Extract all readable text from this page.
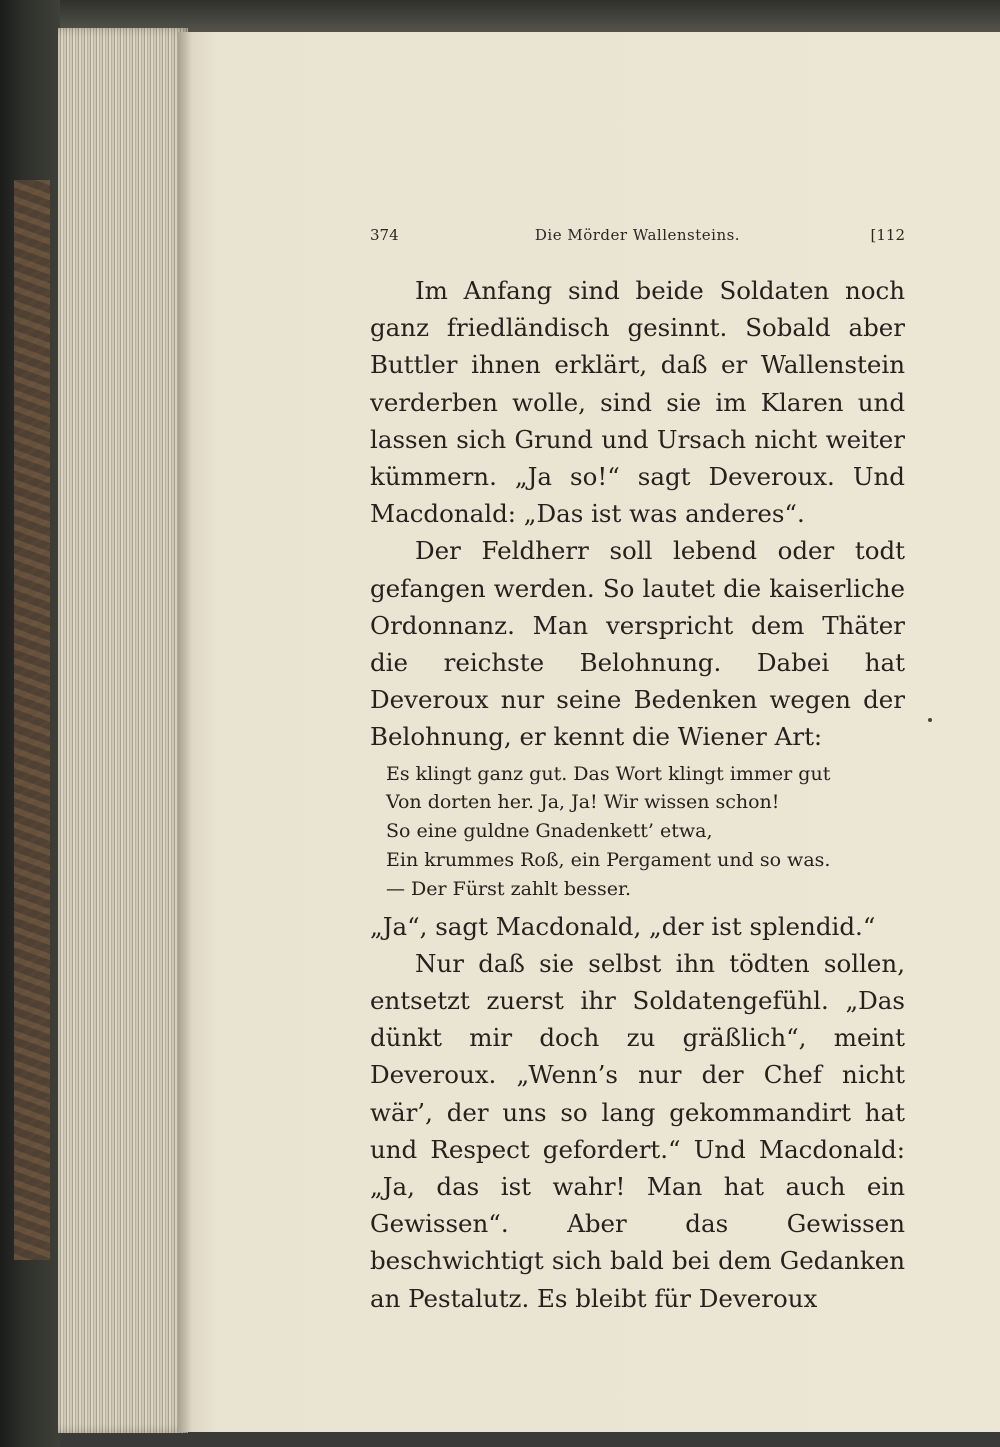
374	Die Mörder Wallensteins.	[112

Im Anfang sind beide Soldaten noch ganz friedländisch gesinnt. Sobald aber Buttler ihnen erklärt, daß er Wallenstein verderben wolle, sind sie im Klaren und lassen sich Grund und Ursach nicht weiter kümmern. „Ja so!“ sagt Deveroux. Und Macdonald: „Das ist was anderes“.

Der Feldherr soll lebend oder todt gefangen werden. So lautet die kaiserliche Ordonnanz. Man verspricht dem Thäter die reichste Belohnung. Dabei hat Deveroux nur seine Bedenken wegen der Belohnung, er kennt die Wiener Art:

Es klingt ganz gut. Das Wort klingt immer gut
Von dorten her. Ja, Ja! Wir wissen schon!
So eine guldne Gnadenkett’ etwa,
Ein krummes Roß, ein Pergament und so was.
— Der Fürst zahlt besser.

„Ja“, sagt Macdonald, „der ist splendid.“

Nur daß sie selbst ihn tödten sollen, entsetzt zuerst ihr Soldatengefühl. „Das dünkt mir doch zu gräßlich“, meint Deveroux. „Wenn’s nur der Chef nicht wär’, der uns so lang gekommandirt hat und Respect gefordert.“ Und Macdonald: „Ja, das ist wahr! Man hat auch ein Gewissen“. Aber das Gewissen beschwichtigt sich bald bei dem Gedanken an Pestalutz. Es bleibt für Deveroux
